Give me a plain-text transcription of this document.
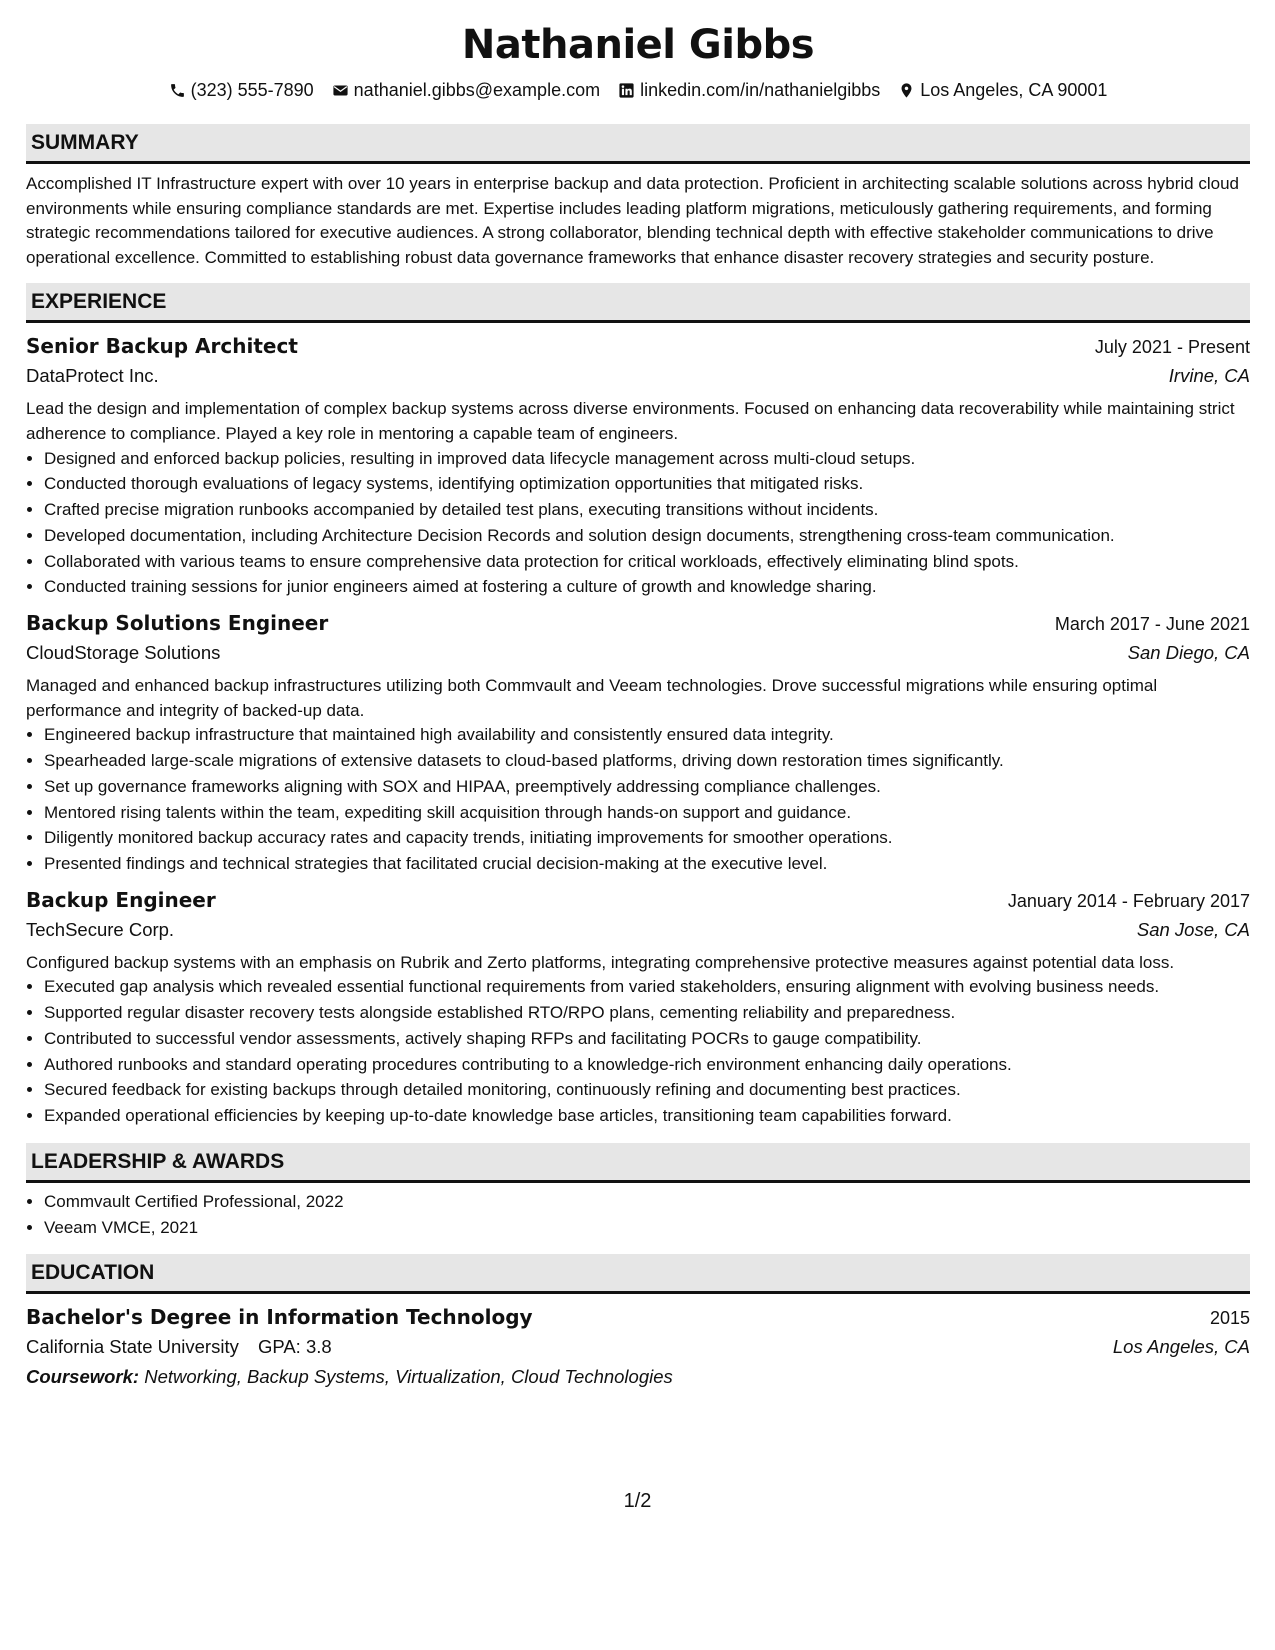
Nathaniel Gibbs
(323) 555-7890 nathaniel.gibbs@example.com linkedin.com/in/nathanielgibbs Los Angeles, CA 90001
SUMMARY

Accomplished IT Infrastructure expert with over 10 years in enterprise backup and data protection. Proficient in architecting scalable solutions across hybrid cloud environments while ensuring compliance standards are met. Expertise includes leading platform migrations, meticulously gathering requirements, and forming strategic recommendations tailored for executive audiences. A strong collaborator, blending technical depth with effective stakeholder communications to drive operational excellence. Committed to establishing robust data governance frameworks that enhance disaster recovery strategies and security posture.

EXPERIENCE
Senior Backup Architect	July 2021 - Present
DataProtect Inc.	Irvine, CA

Lead the design and implementation of complex backup systems across diverse environments. Focused on enhancing data recoverability while maintaining strict adherence to compliance. Played a key role in mentoring a capable team of engineers.

• Designed and enforced backup policies, resulting in improved data lifecycle management across multi-cloud setups.
• Conducted thorough evaluations of legacy systems, identifying optimization opportunities that mitigated risks.
• Crafted precise migration runbooks accompanied by detailed test plans, executing transitions without incidents.
• Developed documentation, including Architecture Decision Records and solution design documents, strengthening cross-team communication.
• Collaborated with various teams to ensure comprehensive data protection for critical workloads, effectively eliminating blind spots.
• Conducted training sessions for junior engineers aimed at fostering a culture of growth and knowledge sharing.
Backup Solutions Engineer	March 2017 - June 2021
CloudStorage Solutions	San Diego, CA

Managed and enhanced backup infrastructures utilizing both Commvault and Veeam technologies. Drove successful migrations while ensuring optimal performance and integrity of backed-up data.

• Engineered backup infrastructure that maintained high availability and consistently ensured data integrity.
• Spearheaded large-scale migrations of extensive datasets to cloud-based platforms, driving down restoration times significantly.
• Set up governance frameworks aligning with SOX and HIPAA, preemptively addressing compliance challenges.
• Mentored rising talents within the team, expediting skill acquisition through hands-on support and guidance.
• Diligently monitored backup accuracy rates and capacity trends, initiating improvements for smoother operations.
• Presented findings and technical strategies that facilitated crucial decision-making at the executive level.
Backup Engineer	January 2014 - February 2017
TechSecure Corp.	San Jose, CA

Configured backup systems with an emphasis on Rubrik and Zerto platforms, integrating comprehensive protective measures against potential data loss.

• Executed gap analysis which revealed essential functional requirements from varied stakeholders, ensuring alignment with evolving business needs.
• Supported regular disaster recovery tests alongside established RTO/RPO plans, cementing reliability and preparedness.
• Contributed to successful vendor assessments, actively shaping RFPs and facilitating POCRs to gauge compatibility.
• Authored runbooks and standard operating procedures contributing to a knowledge-rich environment enhancing daily operations.
• Secured feedback for existing backups through detailed monitoring, continuously refining and documenting best practices.
• Expanded operational efficiencies by keeping up-to-date knowledge base articles, transitioning team capabilities forward.
LEADERSHIP & AWARDS
• Commvault Certified Professional, 2022
• Veeam VMCE, 2021
EDUCATION
Bachelor's Degree in Information Technology	2015
California State University GPA: 3.8	Los Angeles, CA
Coursework: Networking, Backup Systems, Virtualization, Cloud Technologies
1/2
